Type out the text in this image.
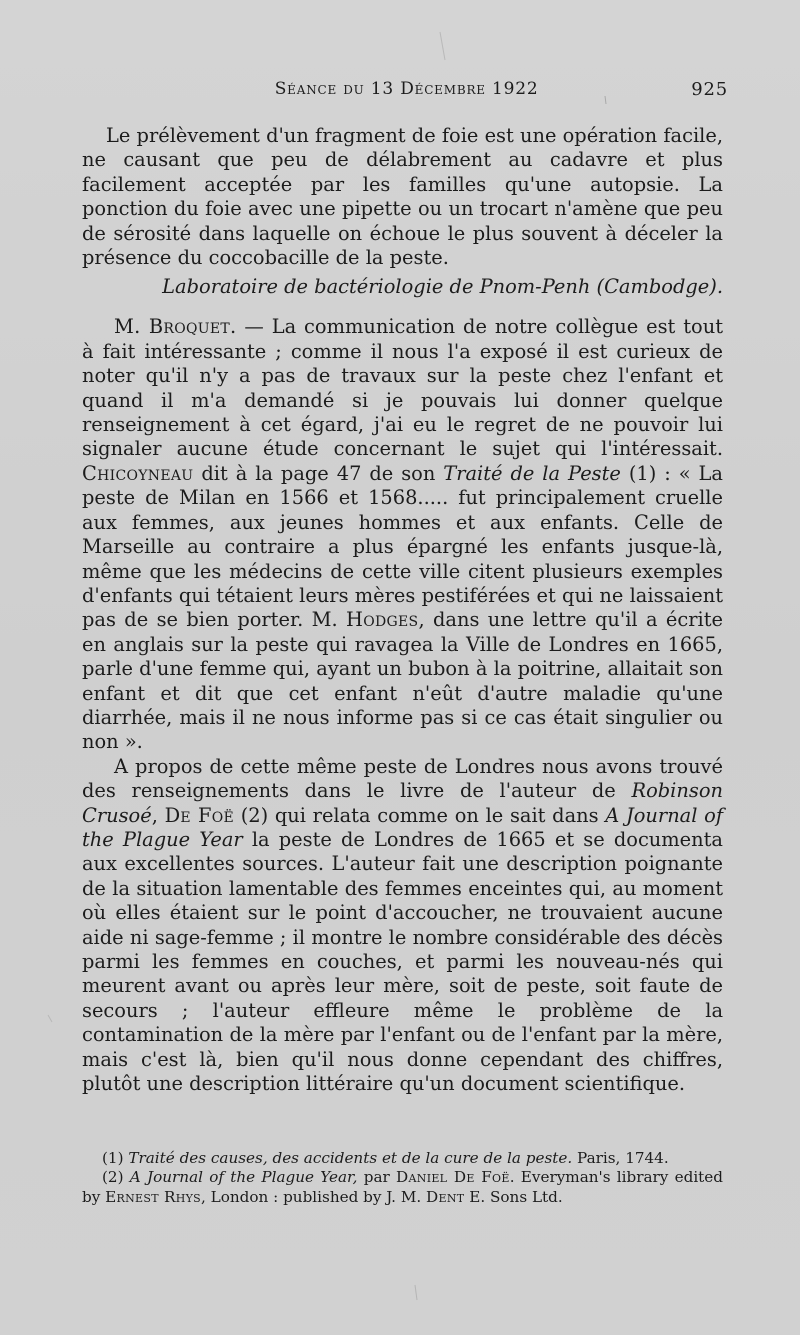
Séance du 13 Décembre 1922	925

Le prélèvement d'un fragment de foie est une opération facile, ne causant que peu de délabrement au cadavre et plus facilement acceptée par les familles qu'une autopsie. La ponction du foie avec une pipette ou un trocart n'amène que peu de sérosité dans laquelle on échoue le plus souvent à déceler la présence du coccobacille de la peste.

Laboratoire de bactériologie de Pnom-Penh (Cambodge).

M. Broquet. — La communication de notre collègue est tout à fait intéressante ; comme il nous l'a exposé il est curieux de noter qu'il n'y a pas de travaux sur la peste chez l'enfant et quand il m'a demandé si je pouvais lui donner quelque renseignement à cet égard, j'ai eu le regret de ne pouvoir lui signaler aucune étude concernant le sujet qui l'intéressait. Chicoyneau dit à la page 47 de son Traité de la Peste (1) : « La peste de Milan en 1566 et 1568..... fut principalement cruelle aux femmes, aux jeunes hommes et aux enfants. Celle de Marseille au contraire a plus épargné les enfants jusque-là, même que les médecins de cette ville citent plusieurs exemples d'enfants qui tétaient leurs mères pestiférées et qui ne laissaient pas de se bien porter. M. Hodges, dans une lettre qu'il a écrite en anglais sur la peste qui ravagea la Ville de Londres en 1665, parle d'une femme qui, ayant un bubon à la poitrine, allaitait son enfant et dit que cet enfant n'eût d'autre maladie qu'une diarrhée, mais il ne nous informe pas si ce cas était singulier ou non ».

A propos de cette même peste de Londres nous avons trouvé des renseignements dans le livre de l'auteur de Robinson Crusoé, De Foë (2) qui relata comme on le sait dans A Journal of the Plague Year la peste de Londres de 1665 et se documenta aux excellentes sources. L'auteur fait une description poignante de la situation lamentable des femmes enceintes qui, au moment où elles étaient sur le point d'accoucher, ne trouvaient aucune aide ni sage-femme ; il montre le nombre considérable des décès parmi les femmes en couches, et parmi les nouveau-nés qui meurent avant ou après leur mère, soit de peste, soit faute de secours ; l'auteur effleure même le problème de la contamination de la mère par l'enfant ou de l'enfant par la mère, mais c'est là, bien qu'il nous donne cependant des chiffres, plutôt une description littéraire qu'un document scientifique.

(1) Traité des causes, des accidents et de la cure de la peste. Paris, 1744.

(2) A Journal of the Plague Year, par Daniel De Foë. Everyman's library edited by Ernest Rhys, London : published by J. M. Dent E. Sons Ltd.
